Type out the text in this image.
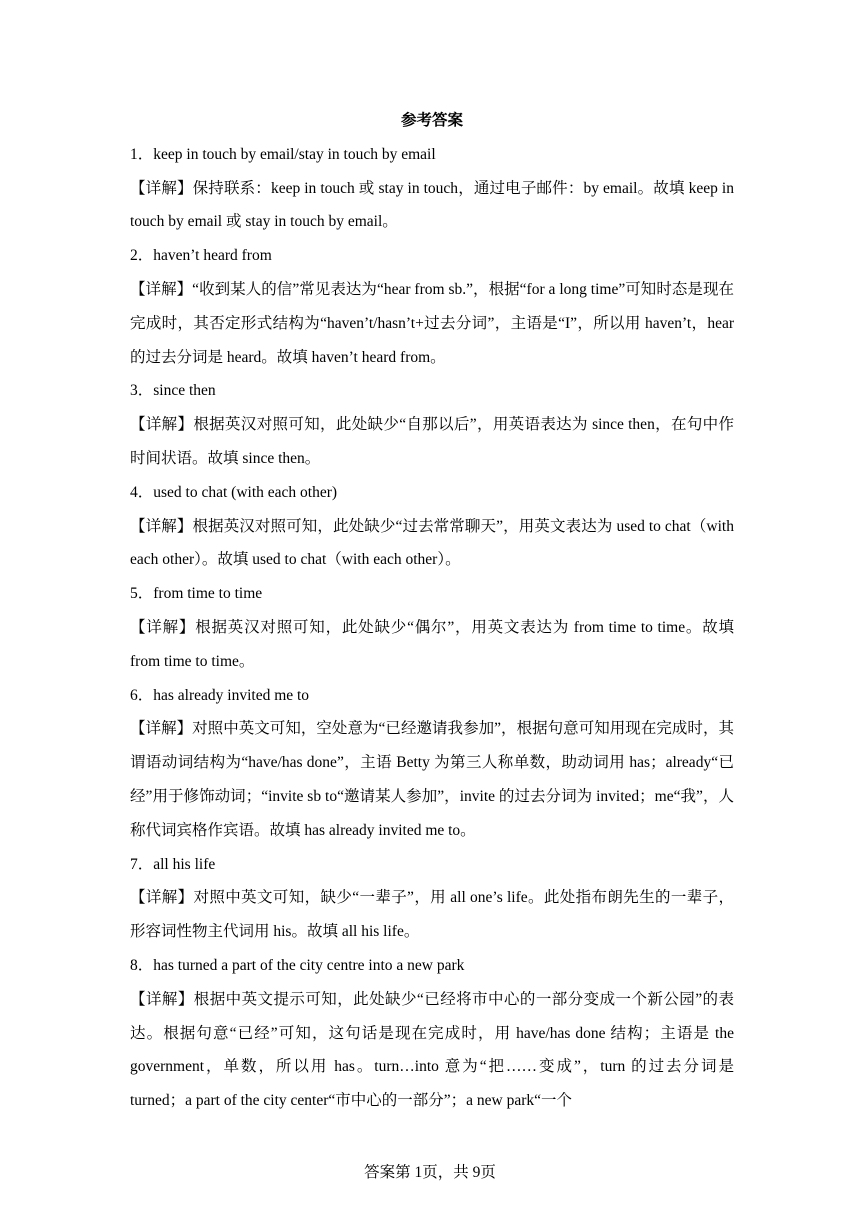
参考答案
1．keep in touch by email/stay in touch by email
【详解】保持联系：keep in touch 或 stay in touch，通过电子邮件：by email。故填 keep in touch by email 或 stay in touch by email。
2．haven’t heard from
【详解】“收到某人的信”常见表达为“hear from sb.”，根据“for a long time”可知时态是现在完成时，其否定形式结构为“haven’t/hasn’t+过去分词”，主语是“I”，所以用 haven’t，hear 的过去分词是 heard。故填 haven’t heard from。
3．since then
【详解】根据英汉对照可知，此处缺少“自那以后”，用英语表达为 since then，在句中作时间状语。故填 since then。
4．used to chat (with each other)
【详解】根据英汉对照可知，此处缺少“过去常常聊天”，用英文表达为 used to chat（with each other）。故填 used to chat（with each other）。
5．from time to time
【详解】根据英汉对照可知，此处缺少“偶尔”，用英文表达为 from time to time。故填 from time to time。
6．has already invited me to
【详解】对照中英文可知，空处意为“已经邀请我参加”，根据句意可知用现在完成时，其谓语动词结构为“have/has done”，主语 Betty 为第三人称单数，助动词用 has；already“已经”用于修饰动词；“invite sb to“邀请某人参加”，invite 的过去分词为 invited；me“我”，人称代词宾格作宾语。故填 has already invited me to。
7．all his life
【详解】对照中英文可知，缺少“一辈子”，用 all one’s life。此处指布朗先生的一辈子，形容词性物主代词用 his。故填 all his life。
8．has turned a part of the city centre into a new park
【详解】根据中英文提示可知，此处缺少“已经将市中心的一部分变成一个新公园”的表达。根据句意“已经”可知，这句话是现在完成时，用 have/has done 结构；主语是 the government，单数，所以用 has。turn…into 意为“把……变成”，turn 的过去分词是 turned；a part of the city center“市中心的一部分”；a new park“一个
答案第 1页，共 9页
